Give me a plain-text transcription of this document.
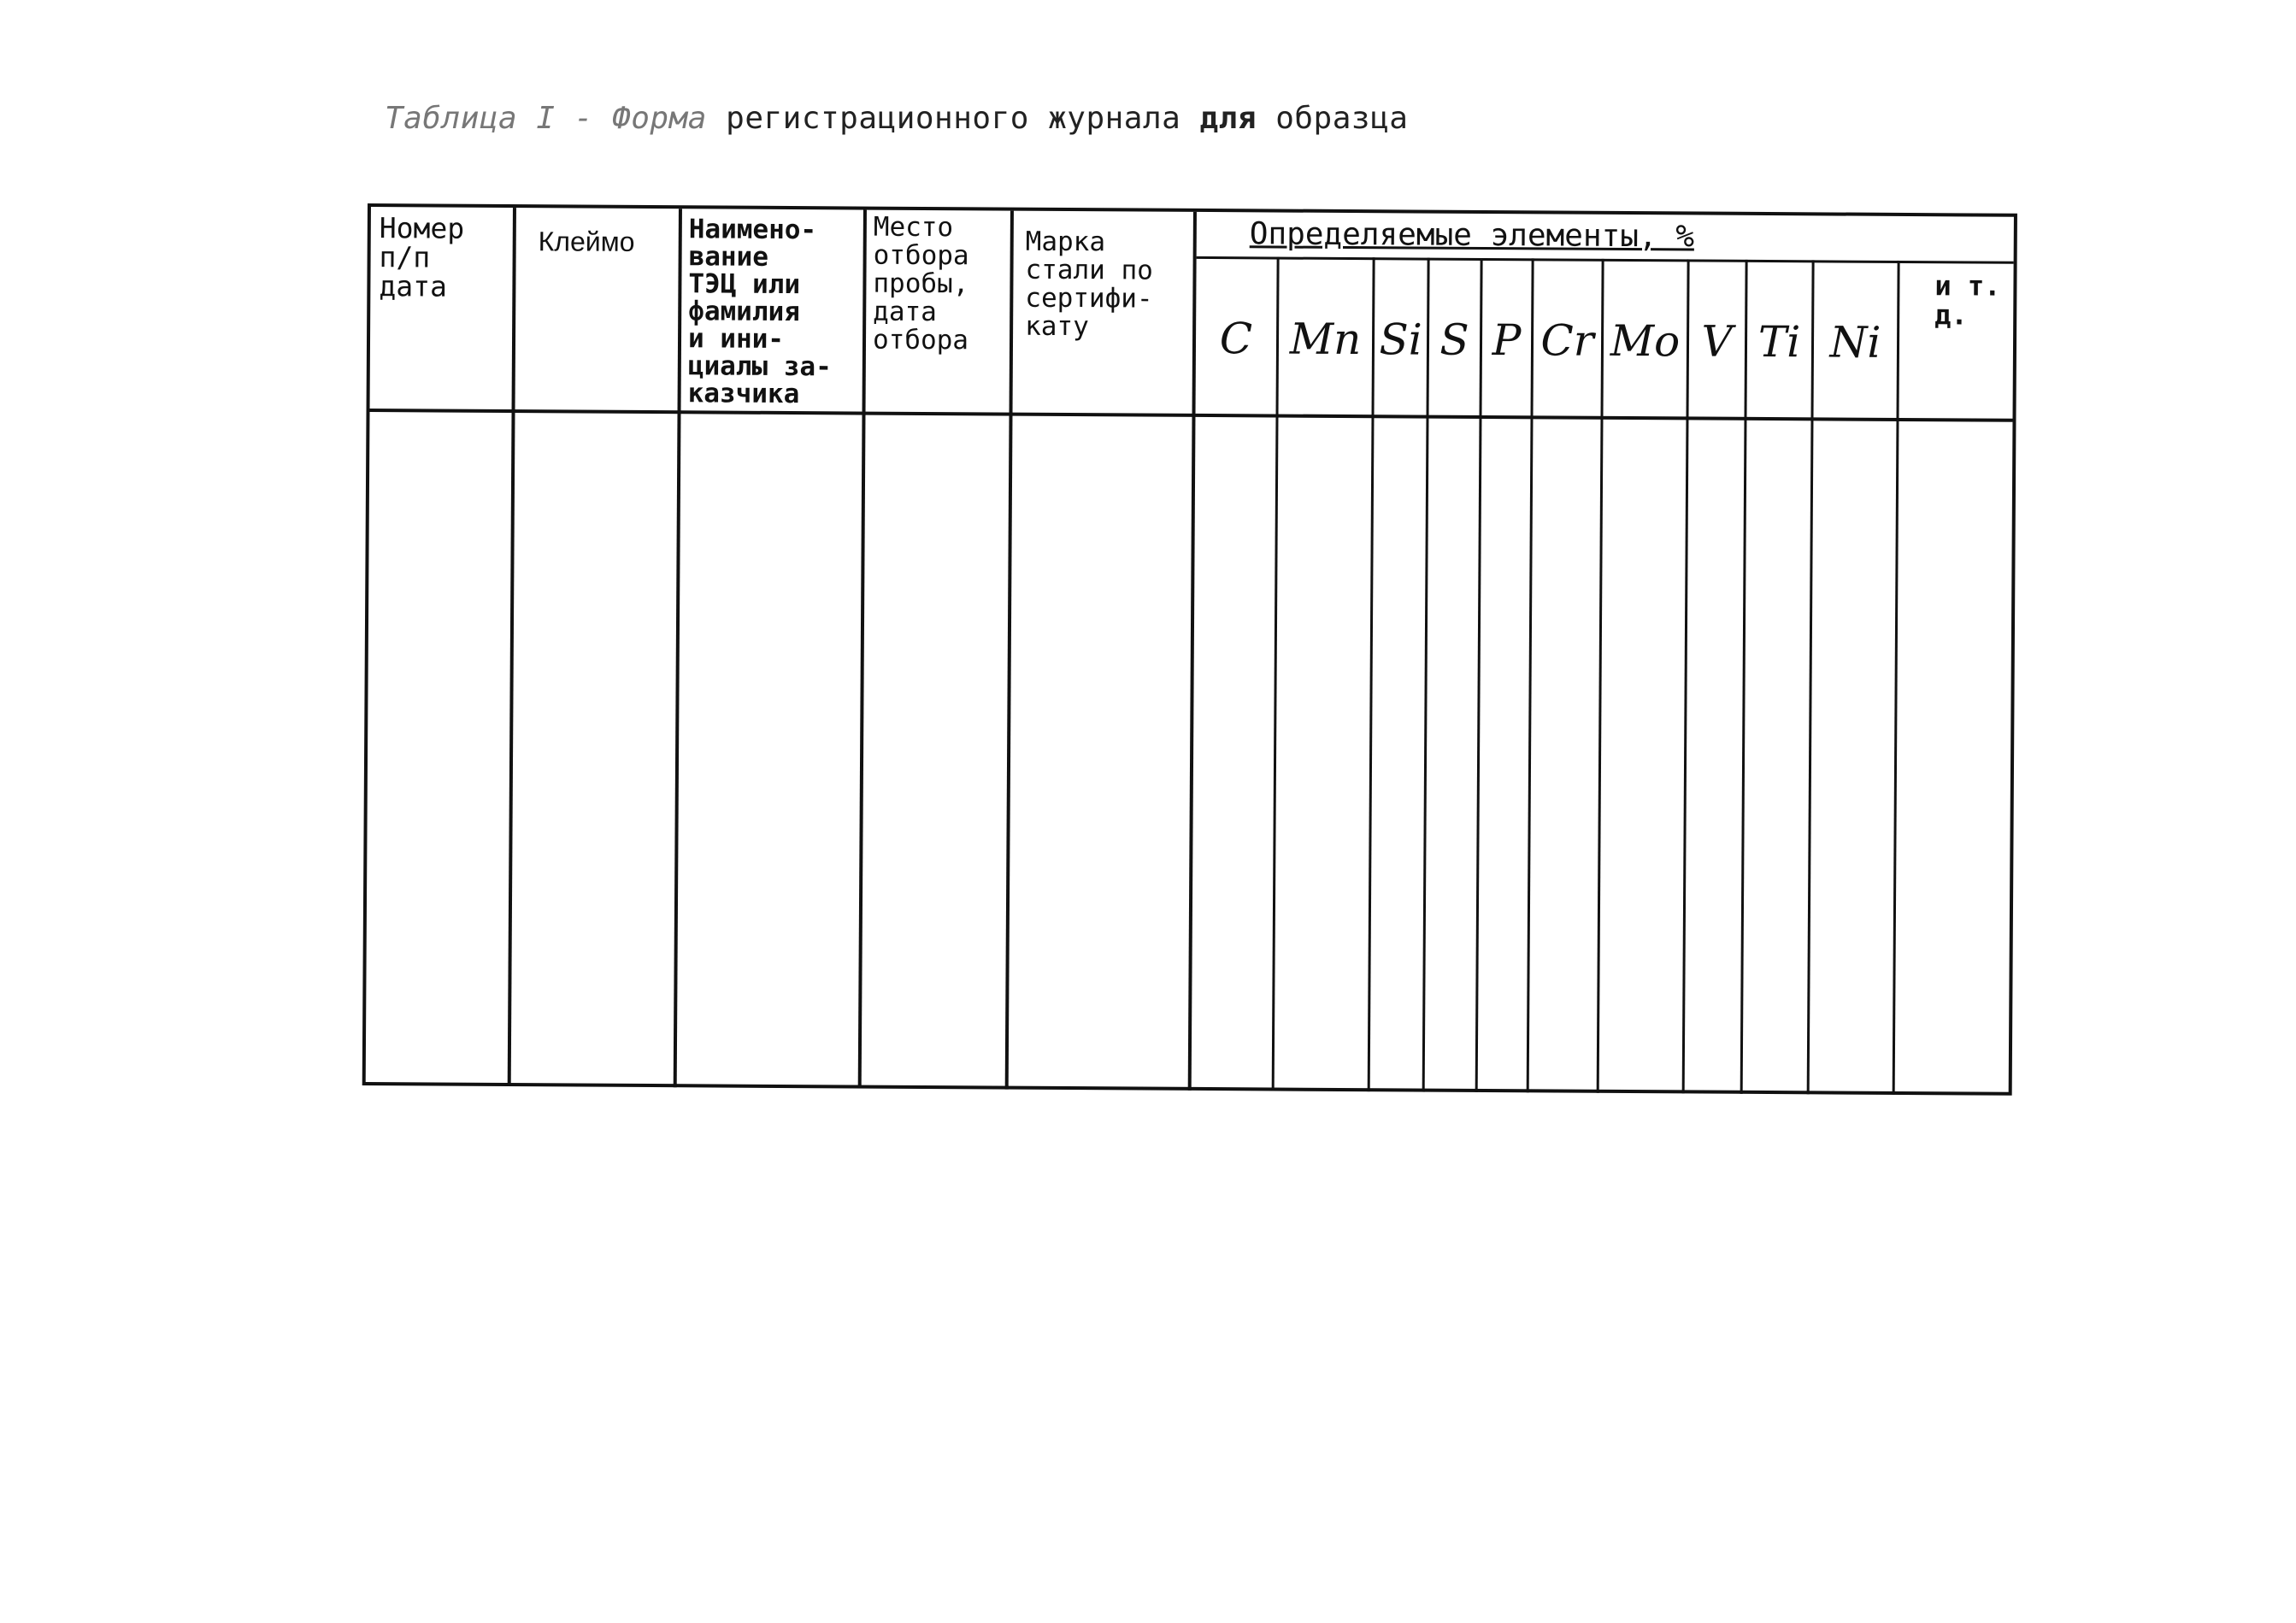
Таблица I - Форма регистрационного журнала для образца
Номер
п/п
дата
Клеймо Наимено-
вание
ТЭЦ или
фамилия
и ини-
циалы за-
казчика
Место
отбора
пробы,
дата
отбора
Марка
стали по
сертифи-
кату
Определяемые элементы, %
C Mn Si S P Cr Mo V Ti Ni
и т.
д.
